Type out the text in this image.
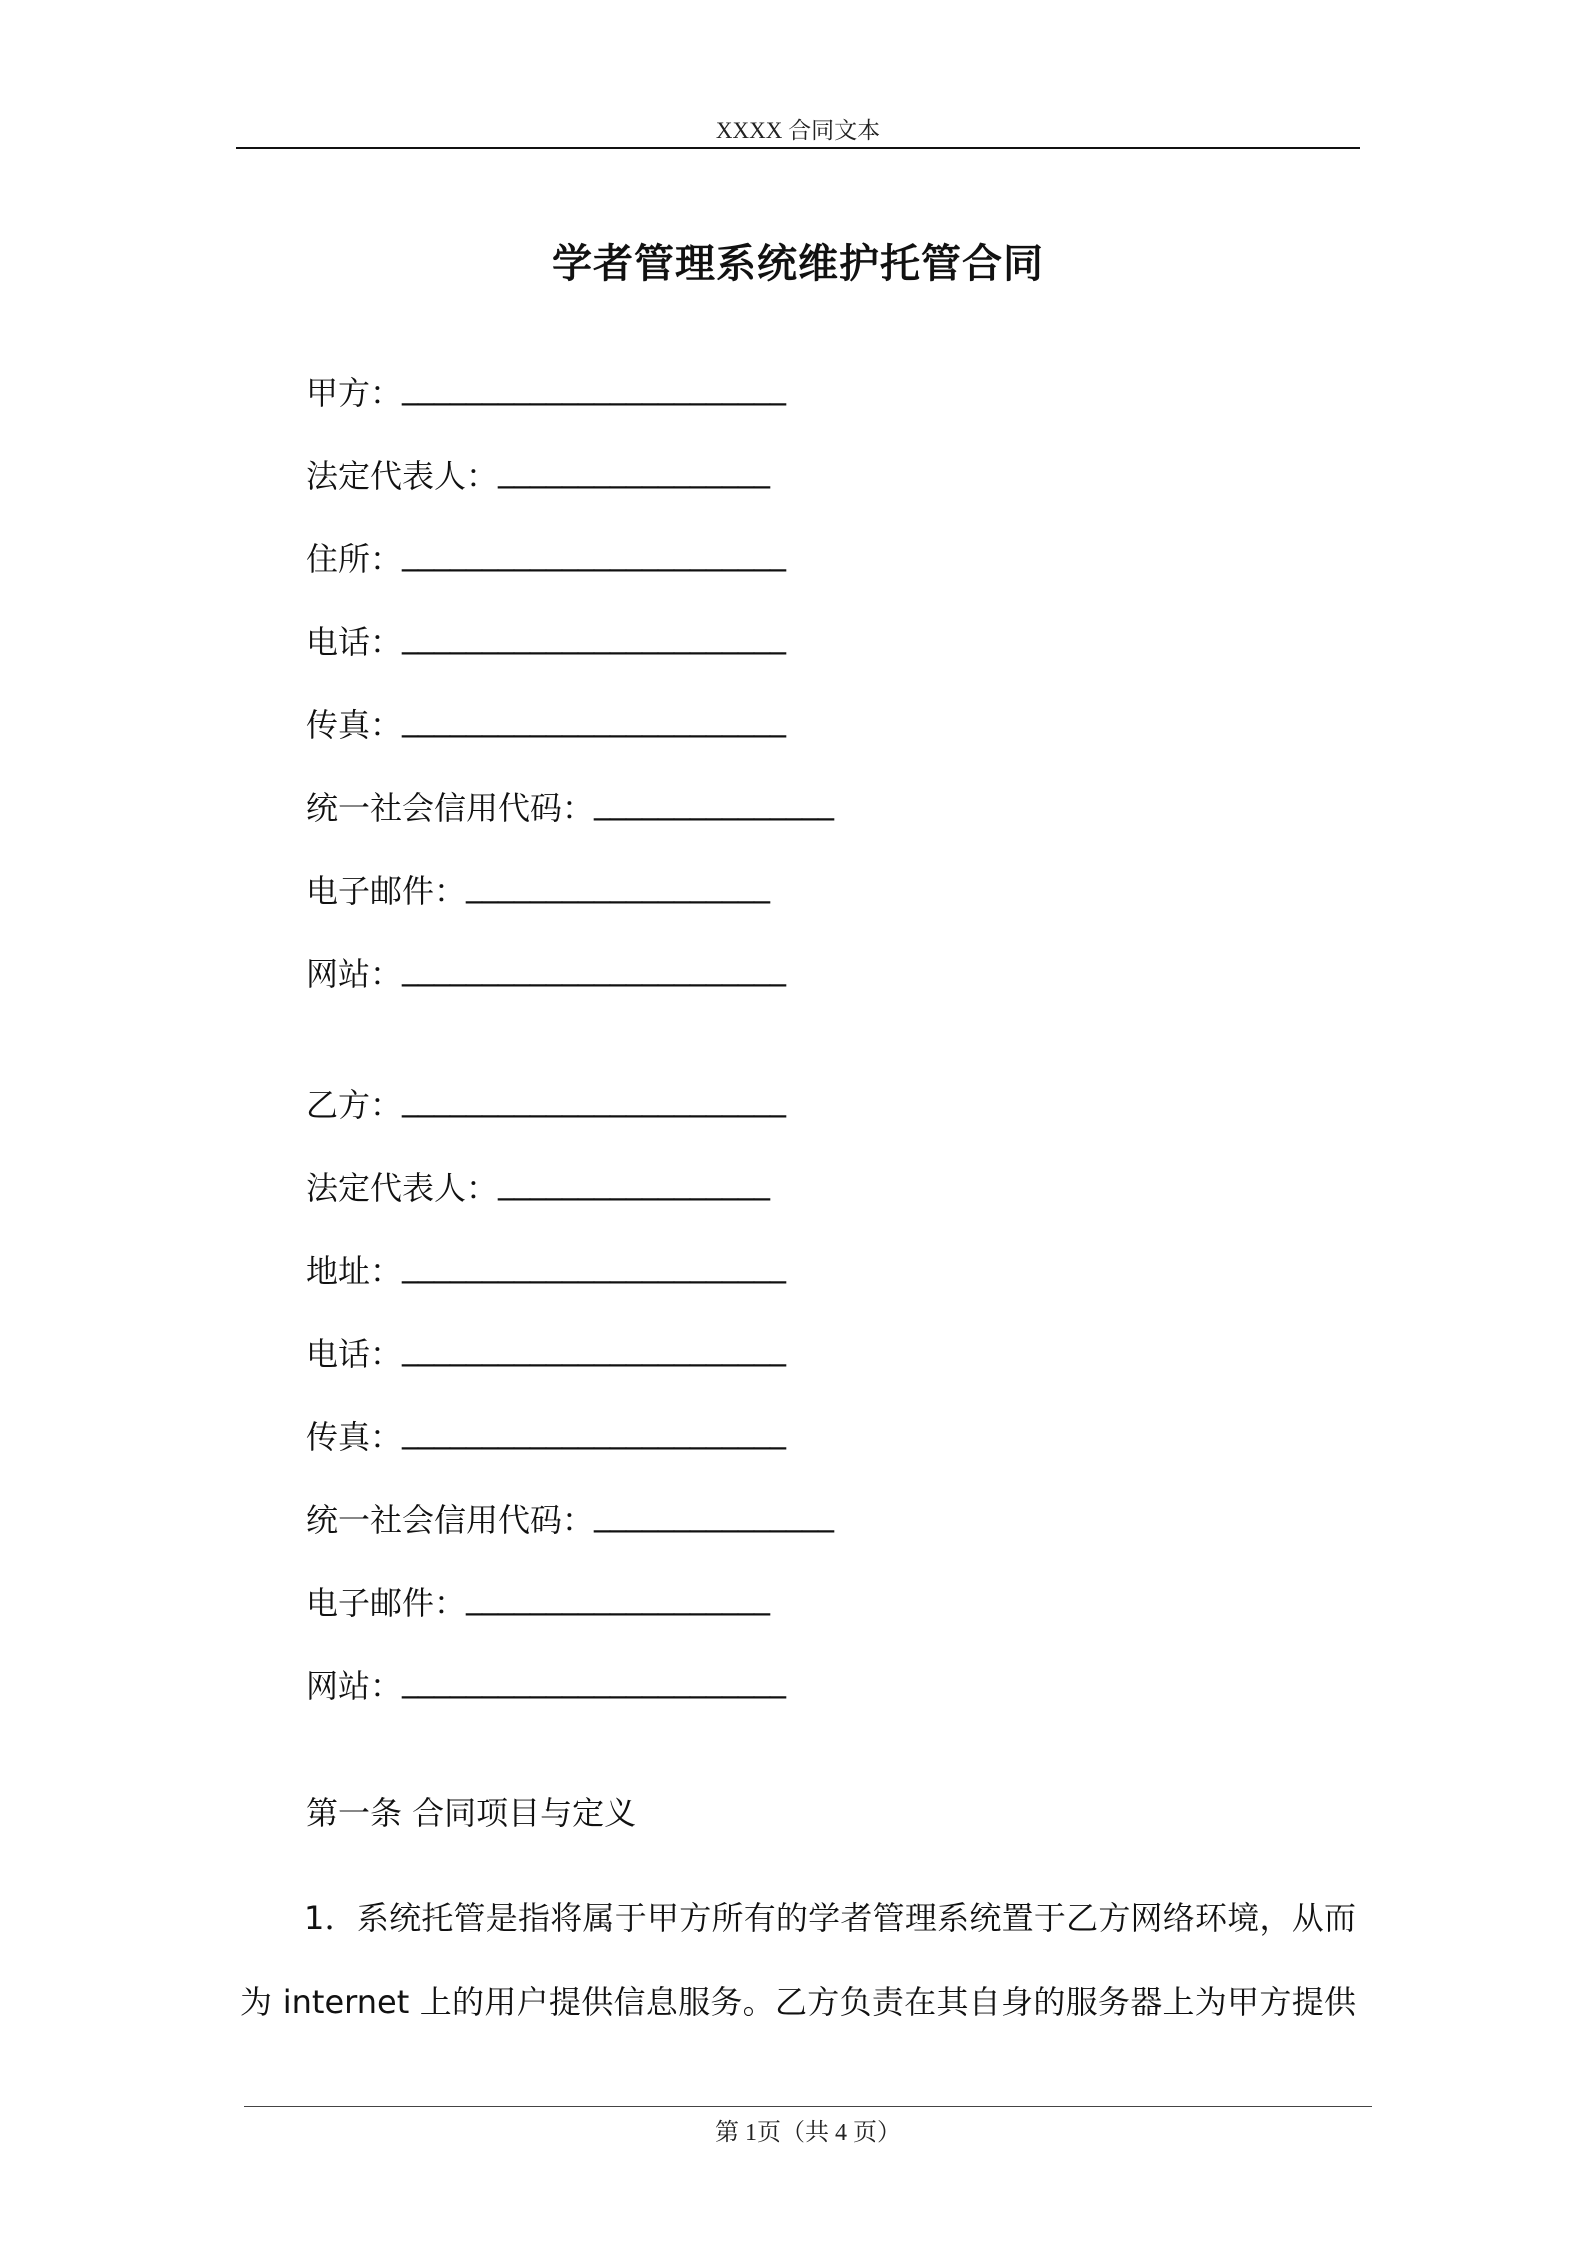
XXXX 合同文本
学者管理系统维护托管合同
甲方： ________________________
法定代表人： _________________
住所： ________________________
电话： ________________________
传真： ________________________
统一社会信用代码： _______________
电子邮件： ___________________
网站： ________________________
乙方： ________________________
法定代表人： _________________
地址： ________________________
电话： ________________________
传真： ________________________
统一社会信用代码： _______________
电子邮件： ___________________
网站： ________________________
第一条 合同项目与定义
1．系统托管是指将属于甲方所有的学者管理系统置于乙方网络环境，从而
为 internet 上的用户提供信息服务。乙方负责在其自身的服务器上为甲方提供
第 1页（共 4 页）
